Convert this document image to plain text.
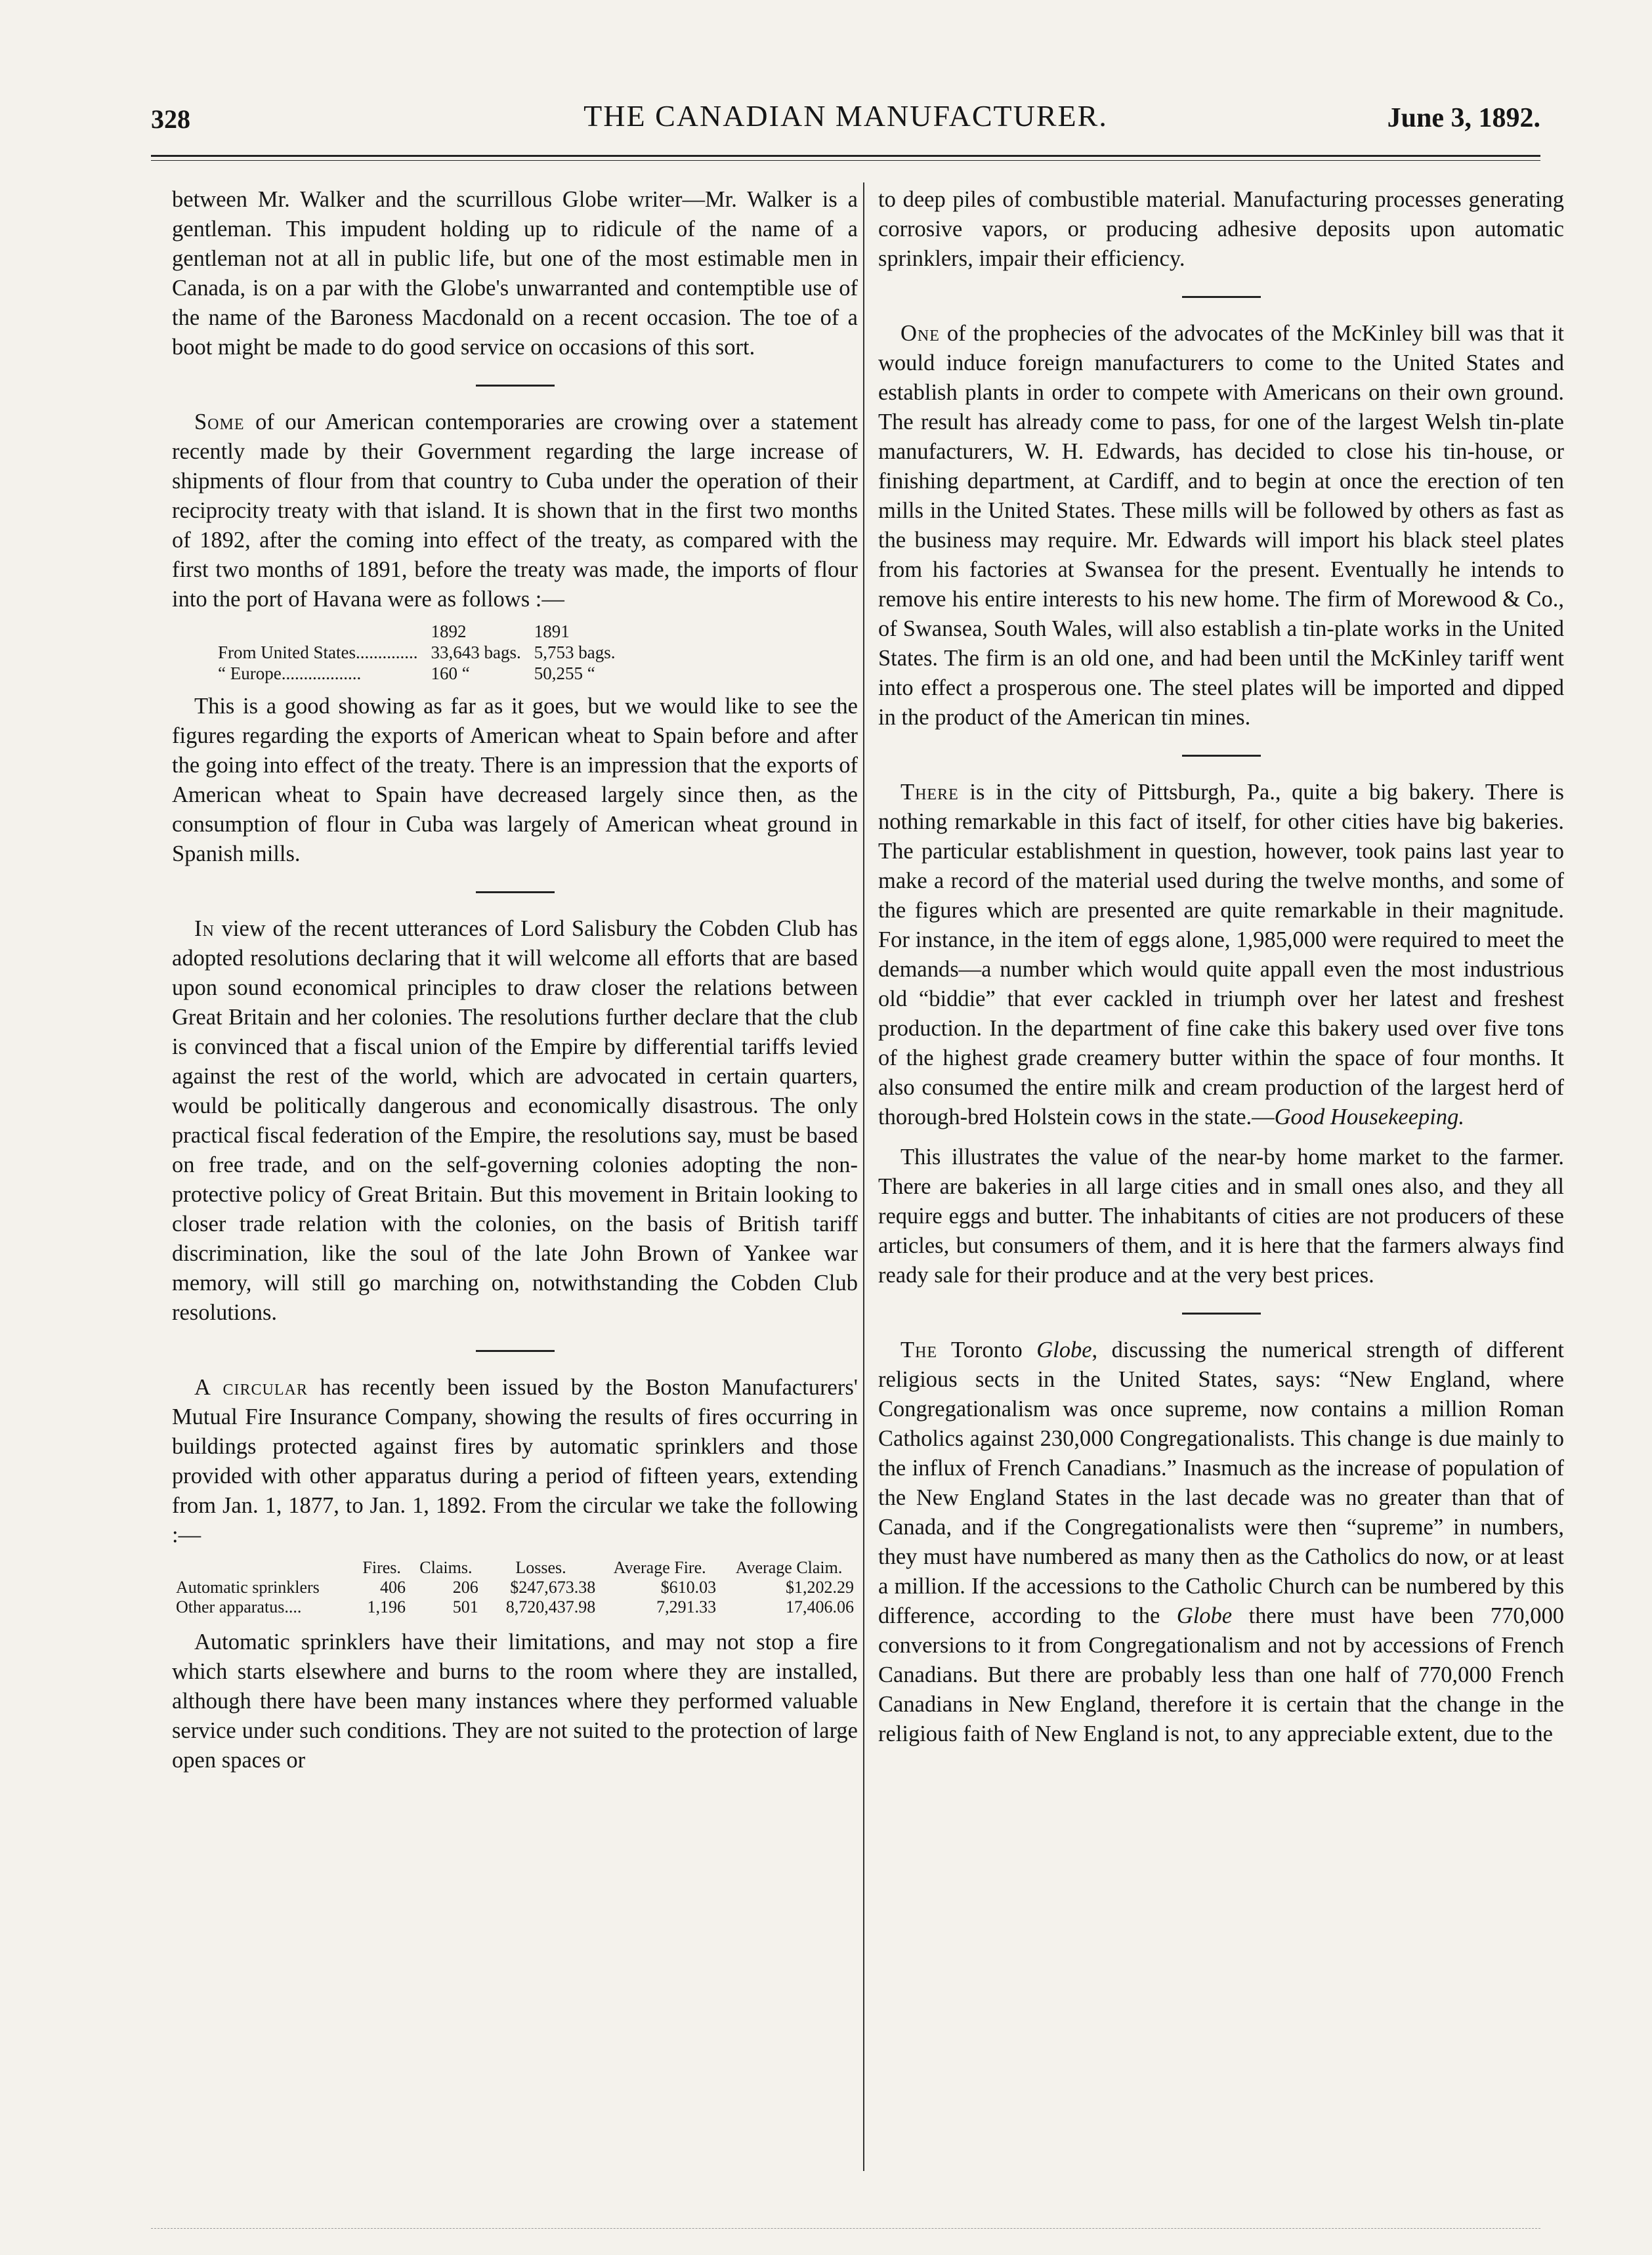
328	THE CANADIAN MANUFACTURER.	June 3, 1892.

between Mr. Walker and the scurrillous Globe writer—Mr. Walker is a gentleman. This impudent holding up to ridicule of the name of a gentleman not at all in public life, but one of the most estimable men in Canada, is on a par with the Globe's unwarranted and contemptible use of the name of the Baroness Macdonald on a recent occasion. The toe of a boot might be made to do good service on occasions of this sort.

Some of our American contemporaries are crowing over a statement recently made by their Government regarding the large increase of shipments of flour from that country to Cuba under the operation of their reciprocity treaty with that island. It is shown that in the first two months of 1892, after the coming into effect of the treaty, as compared with the first two months of 1891, before the treaty was made, the imports of flour into the port of Havana were as follows :—

	1892	1891
From United States..............	33,643 bags.	5,753 bags.
“ Europe..................	160 “	50,255 “

This is a good showing as far as it goes, but we would like to see the figures regarding the exports of American wheat to Spain before and after the going into effect of the treaty. There is an impression that the exports of American wheat to Spain have decreased largely since then, as the consumption of flour in Cuba was largely of American wheat ground in Spanish mills.

In view of the recent utterances of Lord Salisbury the Cobden Club has adopted resolutions declaring that it will welcome all efforts that are based upon sound economical principles to draw closer the relations between Great Britain and her colonies. The resolutions further declare that the club is convinced that a fiscal union of the Empire by differential tariffs levied against the rest of the world, which are advocated in certain quarters, would be politically dangerous and economically disastrous. The only practical fiscal federation of the Empire, the resolutions say, must be based on free trade, and on the self-governing colonies adopting the non-protective policy of Great Britain. But this movement in Britain looking to closer trade relation with the colonies, on the basis of British tariff discrimination, like the soul of the late John Brown of Yankee war memory, will still go marching on, notwithstanding the Cobden Club resolutions.

A circular has recently been issued by the Boston Manufacturers' Mutual Fire Insurance Company, showing the results of fires occurring in buildings protected against fires by automatic sprinklers and those provided with other apparatus during a period of fifteen years, extending from Jan. 1, 1877, to Jan. 1, 1892. From the circular we take the following :—

	Fires.	Claims.	Losses.	Average Fire.	Average Claim.
Automatic sprinklers	406	206	$247,673.38	$610.03	$1,202.29
Other apparatus....	1,196	501	8,720,437.98	7,291.33	17,406.06

Automatic sprinklers have their limitations, and may not stop a fire which starts elsewhere and burns to the room where they are installed, although there have been many instances where they performed valuable service under such conditions. They are not suited to the protection of large open spaces or

to deep piles of combustible material. Manufacturing processes generating corrosive vapors, or producing adhesive deposits upon automatic sprinklers, impair their efficiency.

One of the prophecies of the advocates of the McKinley bill was that it would induce foreign manufacturers to come to the United States and establish plants in order to compete with Americans on their own ground. The result has already come to pass, for one of the largest Welsh tin-plate manufacturers, W. H. Edwards, has decided to close his tin-house, or finishing department, at Cardiff, and to begin at once the erection of ten mills in the United States. These mills will be followed by others as fast as the business may require. Mr. Edwards will import his black steel plates from his factories at Swansea for the present. Eventually he intends to remove his entire interests to his new home. The firm of Morewood & Co., of Swansea, South Wales, will also establish a tin-plate works in the United States. The firm is an old one, and had been until the McKinley tariff went into effect a prosperous one. The steel plates will be imported and dipped in the product of the American tin mines.

There is in the city of Pittsburgh, Pa., quite a big bakery. There is nothing remarkable in this fact of itself, for other cities have big bakeries. The particular establishment in question, however, took pains last year to make a record of the material used during the twelve months, and some of the figures which are presented are quite remarkable in their magnitude. For instance, in the item of eggs alone, 1,985,000 were required to meet the demands—a number which would quite appall even the most industrious old “biddie” that ever cackled in triumph over her latest and freshest production. In the department of fine cake this bakery used over five tons of the highest grade creamery butter within the space of four months. It also consumed the entire milk and cream production of the largest herd of thorough-bred Holstein cows in the state.—Good Housekeeping.

This illustrates the value of the near-by home market to the farmer. There are bakeries in all large cities and in small ones also, and they all require eggs and butter. The inhabitants of cities are not producers of these articles, but consumers of them, and it is here that the farmers always find ready sale for their produce and at the very best prices.

The Toronto Globe, discussing the numerical strength of different religious sects in the United States, says: “New England, where Congregationalism was once supreme, now contains a million Roman Catholics against 230,000 Congregationalists. This change is due mainly to the influx of French Canadians.” Inasmuch as the increase of population of the New England States in the last decade was no greater than that of Canada, and if the Congregationalists were then “supreme” in numbers, they must have numbered as many then as the Catholics do now, or at least a million. If the accessions to the Catholic Church can be numbered by this difference, according to the Globe there must have been 770,000 conversions to it from Congregationalism and not by accessions of French Canadians. But there are probably less than one half of 770,000 French Canadians in New England, therefore it is certain that the change in the religious faith of New England is not, to any appreciable extent, due to the
